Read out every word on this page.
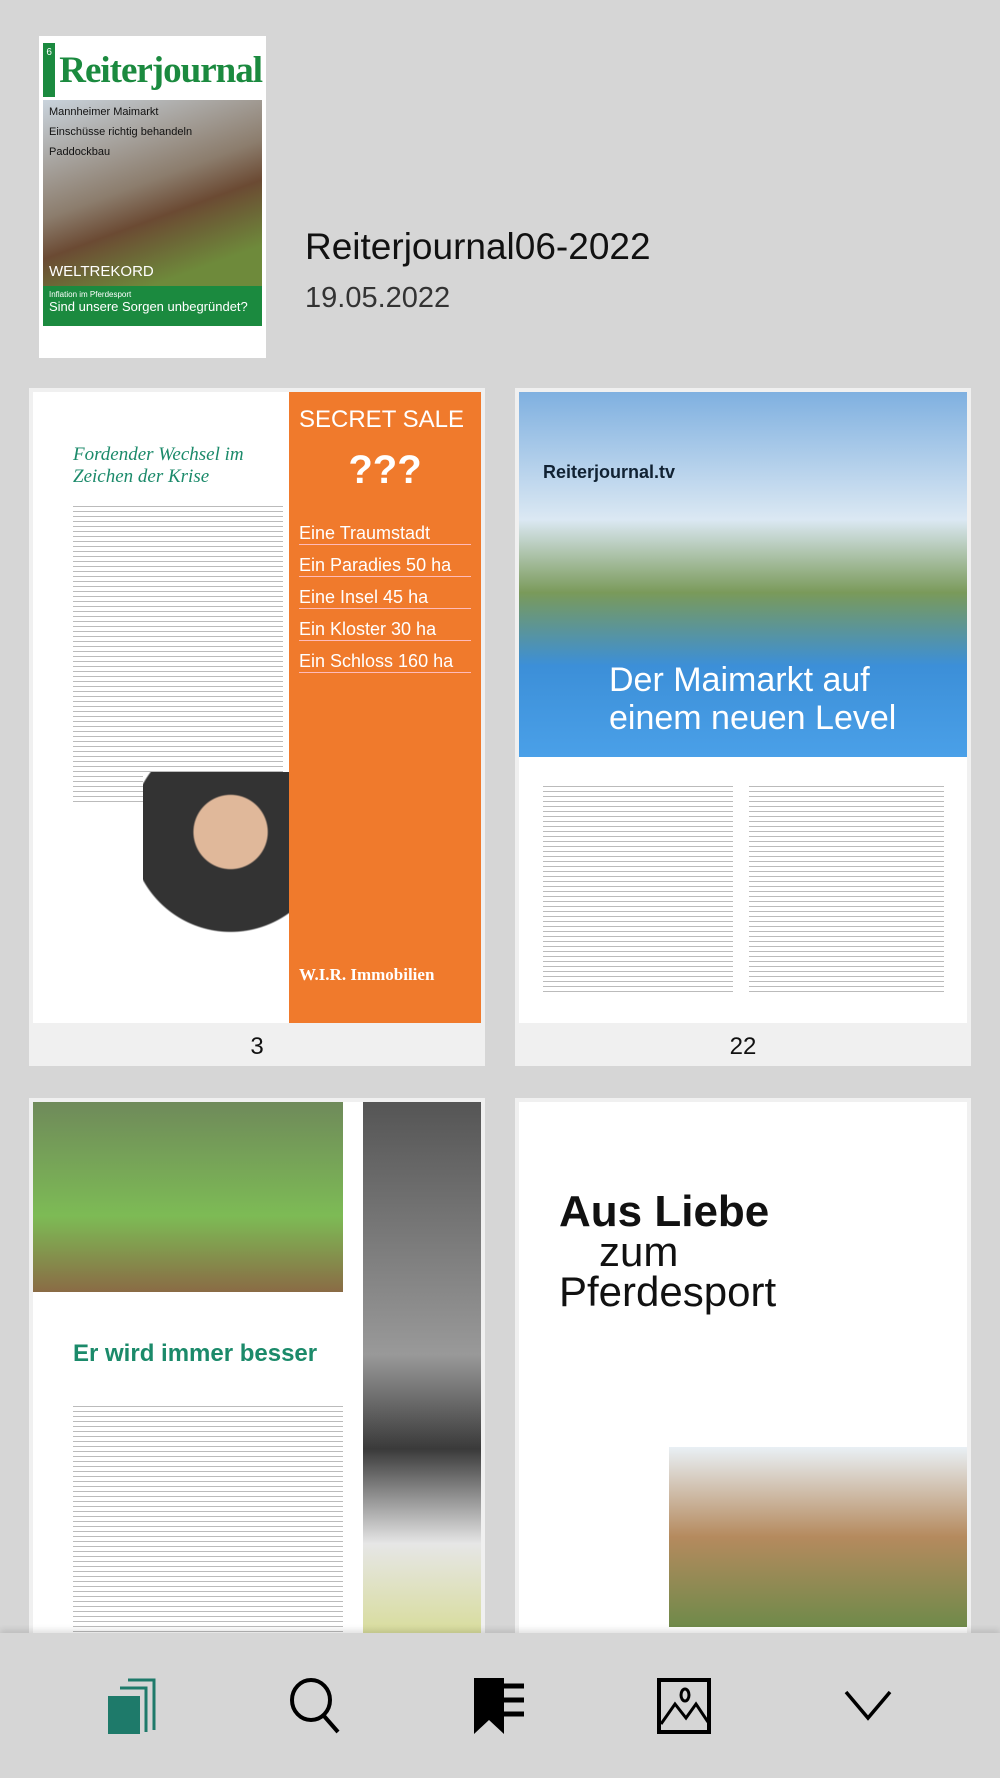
6 Reiterjournal
Mannheimer Maimarkt
Einschüsse richtig behandeln
Paddockbau
WELTREKORD
Inflation im Pferdesport
Sind unsere Sorgen unbegründet?
Reiterjournal06-2022
19.05.2022
Fordender Wechsel im Zeichen der Krise
SECRET SALE
???
Eine Traumstadt
Ein Paradies 50 ha
Eine Insel 45 ha
Ein Kloster 30 ha
Ein Schloss 160 ha
W.I.R. Immobilien
3
Reiterjournal.tv
Der Maimarkt auf einem neuen Level
22
Er wird immer besser
Aus Liebe
zum
Pferdesport
